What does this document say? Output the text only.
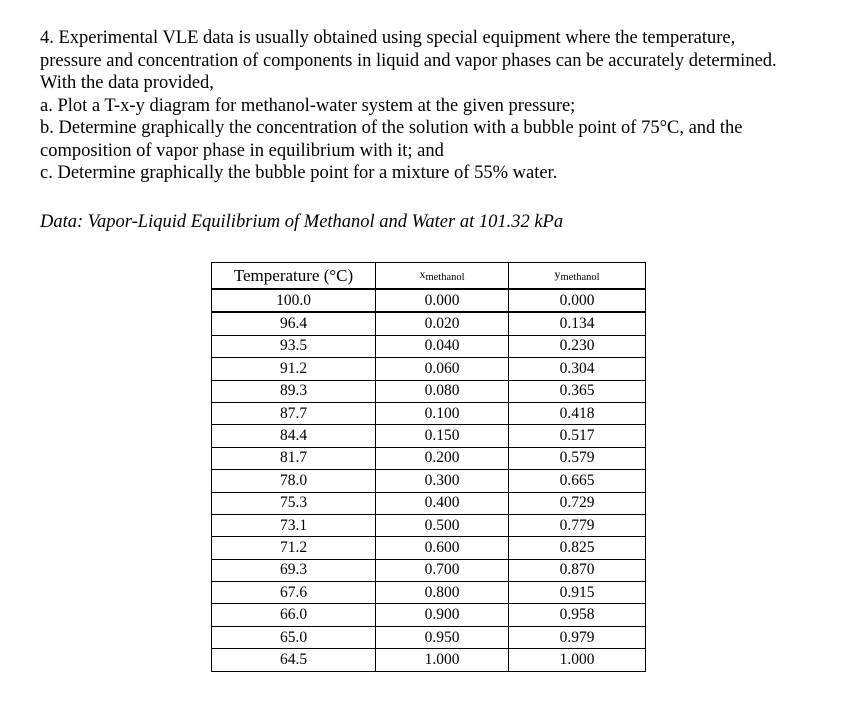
4. Experimental VLE data is usually obtained using special equipment where the temperature,

pressure and concentration of components in liquid and vapor phases can be accurately determined.

With the data provided,

a. Plot a T-x-y diagram for methanol-water system at the given pressure;

b. Determine graphically the concentration of the solution with a bubble point of 75°C, and the

composition of vapor phase in equilibrium with it; and

c. Determine graphically the bubble point for a mixture of 55% water.

Data: Vapor-Liquid Equilibrium of Methanol and Water at 101.32 kPa
Temperature (°C)	xmethanol	ymethanol
100.0	0.000	0.000
96.4	0.020	0.134
93.5	0.040	0.230
91.2	0.060	0.304
89.3	0.080	0.365
87.7	0.100	0.418
84.4	0.150	0.517
81.7	0.200	0.579
78.0	0.300	0.665
75.3	0.400	0.729
73.1	0.500	0.779
71.2	0.600	0.825
69.3	0.700	0.870
67.6	0.800	0.915
66.0	0.900	0.958
65.0	0.950	0.979
64.5	1.000	1.000
